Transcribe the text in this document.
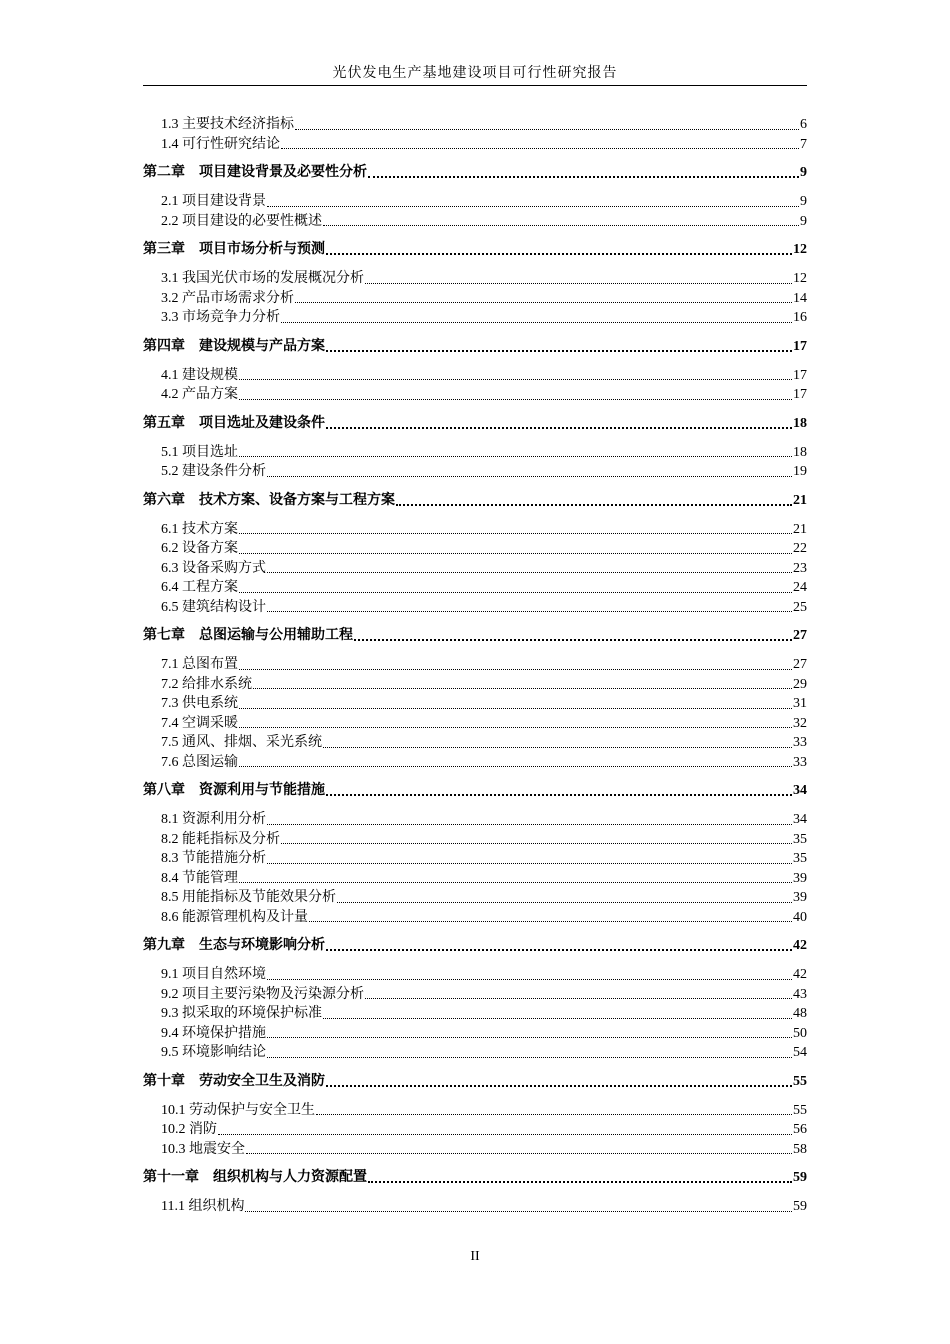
光伏发电生产基地建设项目可行性研究报告
1.3 主要技术经济指标	6
1.4 可行性研究结论	7
第二章　项目建设背景及必要性分析	9
2.1 项目建设背景	9
2.2 项目建设的必要性概述	9
第三章　项目市场分析与预测	12
3.1 我国光伏市场的发展概况分析	12
3.2 产品市场需求分析	14
3.3 市场竞争力分析	16
第四章　建设规模与产品方案	17
4.1 建设规模	17
4.2 产品方案	17
第五章　项目选址及建设条件	18
5.1 项目选址	18
5.2 建设条件分析	19
第六章　技术方案、设备方案与工程方案	21
6.1 技术方案	21
6.2 设备方案	22
6.3 设备采购方式	23
6.4 工程方案	24
6.5 建筑结构设计	25
第七章　总图运输与公用辅助工程	27
7.1 总图布置	27
7.2 给排水系统	29
7.3 供电系统	31
7.4 空调采暖	32
7.5 通风、排烟、采光系统	33
7.6 总图运输	33
第八章　资源利用与节能措施	34
8.1 资源利用分析	34
8.2 能耗指标及分析	35
8.3 节能措施分析	35
8.4 节能管理	39
8.5 用能指标及节能效果分析	39
8.6 能源管理机构及计量	40
第九章　生态与环境影响分析	42
9.1 项目自然环境	42
9.2 项目主要污染物及污染源分析	43
9.3 拟采取的环境保护标准	48
9.4 环境保护措施	50
9.5 环境影响结论	54
第十章　劳动安全卫生及消防	55
10.1 劳动保护与安全卫生	55
10.2 消防	56
10.3 地震安全	58
第十一章　组织机构与人力资源配置	59
11.1 组织机构	59
II
